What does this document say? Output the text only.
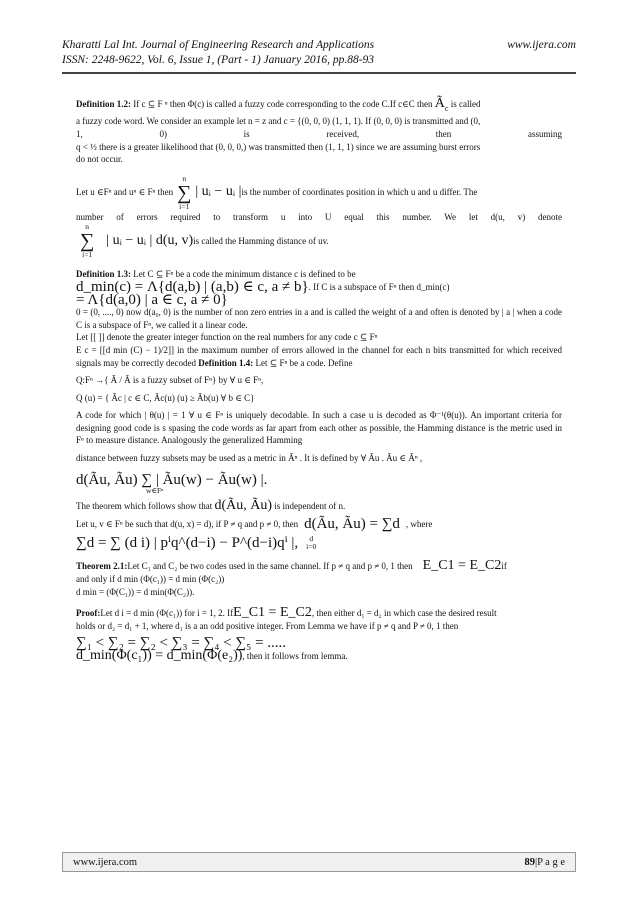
Kharatti Lal Int. Journal of Engineering Research and Applications	www.ijera.com
ISSN: 2248-9622, Vol. 6, Issue 1, (Part - 1) January 2016, pp.88-93

Definition 1.2: If c ⊆ F ⁿ then Φ(c) is called a fuzzy code corresponding to the code C.If c∈C then $Ã_c$ is called

a fuzzy code word. We consider an example let n = z and c = {(0, 0, 0) (1, 1, 1). If (0, 0, 0) is transmitted and (0,

1, 0) is received, then assuming

q < ½ there is a greater likelihood that (0, 0, 0,) was transmitted then (1, 1, 1) since we are assuming burst errors

do not occur.

Let u ∈Fⁿ and uⁿ ∈ Fⁿ then
n
∑
i=1
| uᵢ − uᵢ | is the number of coordinates position in which u and u differ. The

number of errors required to transform u into U equal this number. We let d(u, v) denote

n
∑
i=1
| uᵢ − uᵢ | d(u, v) is called the Hamming distance of uv.

Definition 1.3: Let C ⊆ Fⁿ be a code the minimum distance c is defined to be

d_min(c) = Λ{d(a,b) | (a,b) ∈ c, a ≠ b} . If C is a subspace of Fⁿ then d_min(c)

= Λ{d(a,0) | a ∈ c, a ≠ 0}

0 = (0, ...., 0) now d(a₀, 0) is the number of non zero entries in a and is called the weight of a and often is denoted by | a | when a code C is a subspace of Fⁿ, we called it a linear code.

Let [[ ]] denote the greater integer function on the real numbers for any code c ⊆ Fⁿ

E c = [[d min (C) − 1)/2]] in the maximum number of errors allowed in the channel for each n bits transmitted for which received signals may be correctly decoded Definition 1.4: Let ⊆ Fⁿ be a code. Define

Q:Fⁿ →{ Ã / Ã is a fuzzy subset of Fⁿ} by ∀ u ∈ Fⁿ,

Q (u) = { Ãc | c ∈ C, Ãc(u) (u) ≥ Ãb(u) ∀ b ∈ C}

A code for which | θ(u) | = 1 ∀ u ∈ Fⁿ is uniquely decodable. In such a case u is decoded as Φ⁻¹(θ(u)). An important criteria for designing good code is s spasing the code words as far apart from each other as possible, the Hamming distance is the metric used in Fⁿ to measure distance. Analogously the generalized Hamming

distance between fuzzy subsets may be used as a metric in Ãⁿ . It is defined by ∀ Ãu . Ãu ∈ Ãⁿ ,

d(Ãu, Ãu) ∑ | Ãu(w) − Ãu(w) |.

w∈Fⁿ

The theorem which follows show that d(Ãu, Ãu) is independent of n.

Let u, v ∈ Fⁿ be such that d(u, x) = d), if P ≠ q and p ≠ 0, then d(Ãu, Ãu) = ∑d , where

∑d = ∑ (d i) | pⁱq^(d−i) − P^(d−i)qⁱ |, d
i=0

Theorem 2.1: Let C₁ and C₂ be two codes used in the same channel. If p ≠ q and p ≠ 0, 1 then E_C1 = E_C2 if

and only if d min (Φ(c₁)) = d min (Φ(c₂))

d min = (Φ(C₁)) = d min(Φ(C₂)).

Proof: Let d i = d min (Φ(c₁)) for i = 1, 2. If E_C1 = E_C2 , then either d₁ = d₂ in which case the desired result

holds or d₂ = d₁ + 1, where d₁ is a an odd positive integer. From Lemma we have if p ≠ q and P ≠ 0, 1 then

∑₁ < ∑₂ = ∑₂ < ∑₃ = ∑₄ < ∑₅ = .....

d_min(Φ(c₁)) = d_min(Φ(e₂)), then it follows from lemma.

www.ijera.com	89|P a g e
